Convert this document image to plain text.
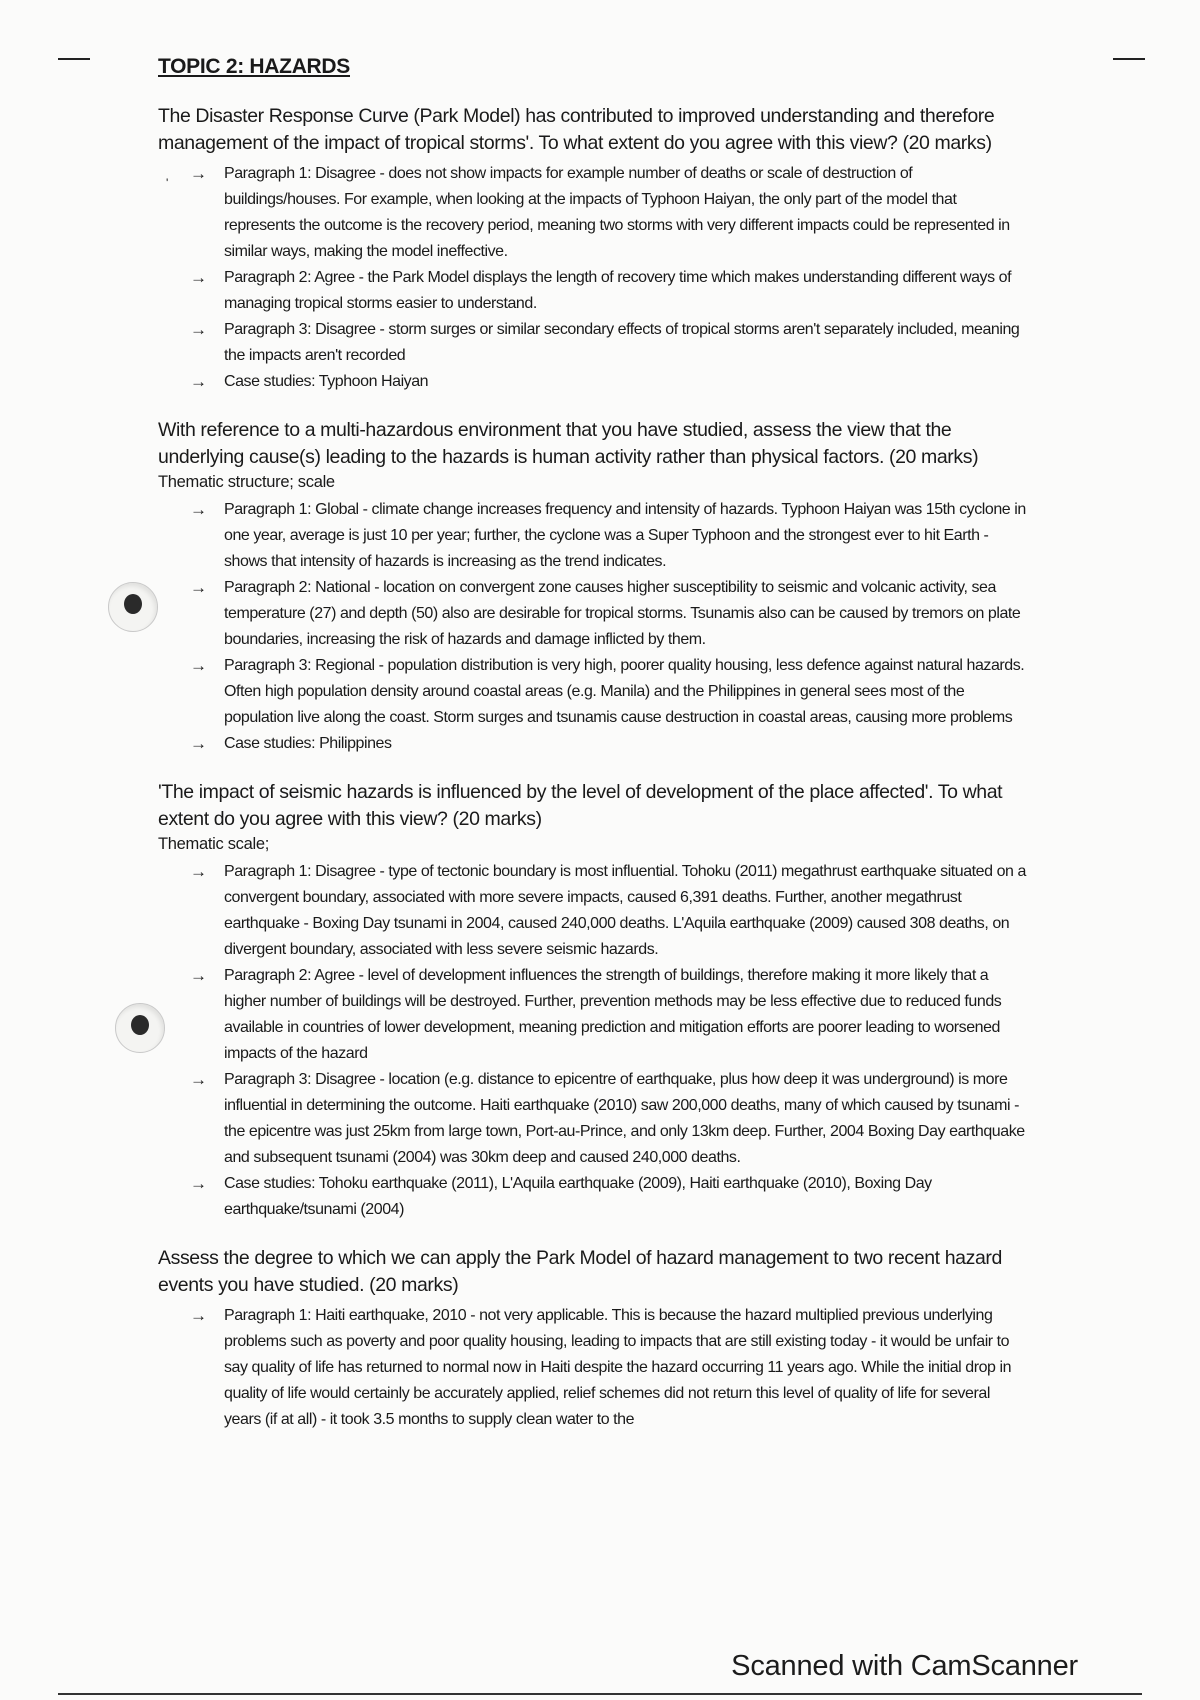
'
TOPIC 2: HAZARDS

The Disaster Response Curve (Park Model) has contributed to improved understanding and therefore management of the impact of tropical storms'. To what extent do you agree with this view? (20 marks)

→ Paragraph 1: Disagree - does not show impacts for example number of deaths or scale of destruction of buildings/houses. For example, when looking at the impacts of Typhoon Haiyan, the only part of the model that represents the outcome is the recovery period, meaning two storms with very different impacts could be represented in similar ways, making the model ineffective.
→ Paragraph 2: Agree - the Park Model displays the length of recovery time which makes understanding different ways of managing tropical storms easier to understand.
→ Paragraph 3: Disagree - storm surges or similar secondary effects of tropical storms aren't separately included, meaning the impacts aren't recorded
→ Case studies: Typhoon Haiyan

With reference to a multi-hazardous environment that you have studied, assess the view that the underlying cause(s) leading to the hazards is human activity rather than physical factors. (20 marks)

Thematic structure; scale

→ Paragraph 1: Global - climate change increases frequency and intensity of hazards. Typhoon Haiyan was 15th cyclone in one year, average is just 10 per year; further, the cyclone was a Super Typhoon and the strongest ever to hit Earth - shows that intensity of hazards is increasing as the trend indicates.
→ Paragraph 2: National - location on convergent zone causes higher susceptibility to seismic and volcanic activity, sea temperature (27) and depth (50) also are desirable for tropical storms. Tsunamis also can be caused by tremors on plate boundaries, increasing the risk of hazards and damage inflicted by them.
→ Paragraph 3: Regional - population distribution is very high, poorer quality housing, less defence against natural hazards. Often high population density around coastal areas (e.g. Manila) and the Philippines in general sees most of the population live along the coast. Storm surges and tsunamis cause destruction in coastal areas, causing more problems
→ Case studies: Philippines

'The impact of seismic hazards is influenced by the level of development of the place affected'. To what extent do you agree with this view? (20 marks)

Thematic scale;

→ Paragraph 1: Disagree - type of tectonic boundary is most influential. Tohoku (2011) megathrust earthquake situated on a convergent boundary, associated with more severe impacts, caused 6,391 deaths. Further, another megathrust earthquake - Boxing Day tsunami in 2004, caused 240,000 deaths. L'Aquila earthquake (2009) caused 308 deaths, on divergent boundary, associated with less severe seismic hazards.
→ Paragraph 2: Agree - level of development influences the strength of buildings, therefore making it more likely that a higher number of buildings will be destroyed. Further, prevention methods may be less effective due to reduced funds available in countries of lower development, meaning prediction and mitigation efforts are poorer leading to worsened impacts of the hazard
→ Paragraph 3: Disagree - location (e.g. distance to epicentre of earthquake, plus how deep it was underground) is more influential in determining the outcome. Haiti earthquake (2010) saw 200,000 deaths, many of which caused by tsunami - the epicentre was just 25km from large town, Port-au-Prince, and only 13km deep. Further, 2004 Boxing Day earthquake and subsequent tsunami (2004) was 30km deep and caused 240,000 deaths.
→ Case studies: Tohoku earthquake (2011), L'Aquila earthquake (2009), Haiti earthquake (2010), Boxing Day earthquake/tsunami (2004)

Assess the degree to which we can apply the Park Model of hazard management to two recent hazard events you have studied. (20 marks)

→ Paragraph 1: Haiti earthquake, 2010 - not very applicable. This is because the hazard multiplied previous underlying problems such as poverty and poor quality housing, leading to impacts that are still existing today - it would be unfair to say quality of life has returned to normal now in Haiti despite the hazard occurring 11 years ago. While the initial drop in quality of life would certainly be accurately applied, relief schemes did not return this level of quality of life for several years (if at all) - it took 3.5 months to supply clean water to the
Scanned with CamScanner
